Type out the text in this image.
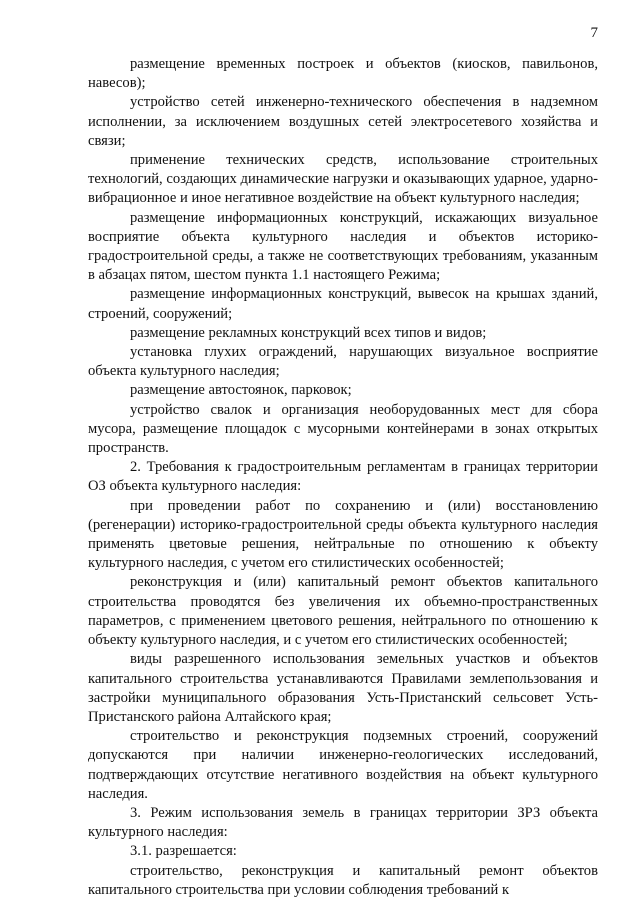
7

размещение временных построек и объектов (киосков, павильонов, навесов);

устройство сетей инженерно-технического обеспечения в надземном исполнении, за исключением воздушных сетей электросетевого хозяйства и связи;

применение технических средств, использование строительных технологий, создающих динамические нагрузки и оказывающих ударное, ударно-вибрационное и иное негативное воздействие на объект культурного наследия;

размещение информационных конструкций, искажающих визуальное восприятие объекта культурного наследия и объектов историко-градостроительной среды, а также не соответствующих требованиям, указанным в абзацах пятом, шестом пункта 1.1 настоящего Режима;

размещение информационных конструкций, вывесок на крышах зданий, строений, сооружений;

размещение рекламных конструкций всех типов и видов;

установка глухих ограждений, нарушающих визуальное восприятие объекта культурного наследия;

размещение автостоянок, парковок;

устройство свалок и организация необорудованных мест для сбора мусора, размещение площадок с мусорными контейнерами в зонах открытых пространств.

2. Требования к градостроительным регламентам в границах территории ОЗ объекта культурного наследия:

при проведении работ по сохранению и (или) восстановлению (регенерации) историко-градостроительной среды объекта культурного наследия применять цветовые решения, нейтральные по отношению к объекту культурного наследия, с учетом его стилистических особенностей;

реконструкция и (или) капитальный ремонт объектов капитального строительства проводятся без увеличения их объемно-пространственных параметров, с применением цветового решения, нейтрального по отношению к объекту культурного наследия, и с учетом его стилистических особенностей;

виды разрешенного использования земельных участков и объектов капитального строительства устанавливаются Правилами землепользования и застройки муниципального образования Усть-Пристанский сельсовет Усть-Пристанского района Алтайского края;

строительство и реконструкция подземных строений, сооружений допускаются при наличии инженерно-геологических исследований, подтверждающих отсутствие негативного воздействия на объект культурного наследия.

3. Режим использования земель в границах территории ЗРЗ объекта культурного наследия:

3.1. разрешается:

строительство, реконструкция и капитальный ремонт объектов капитального строительства при условии соблюдения требований к
